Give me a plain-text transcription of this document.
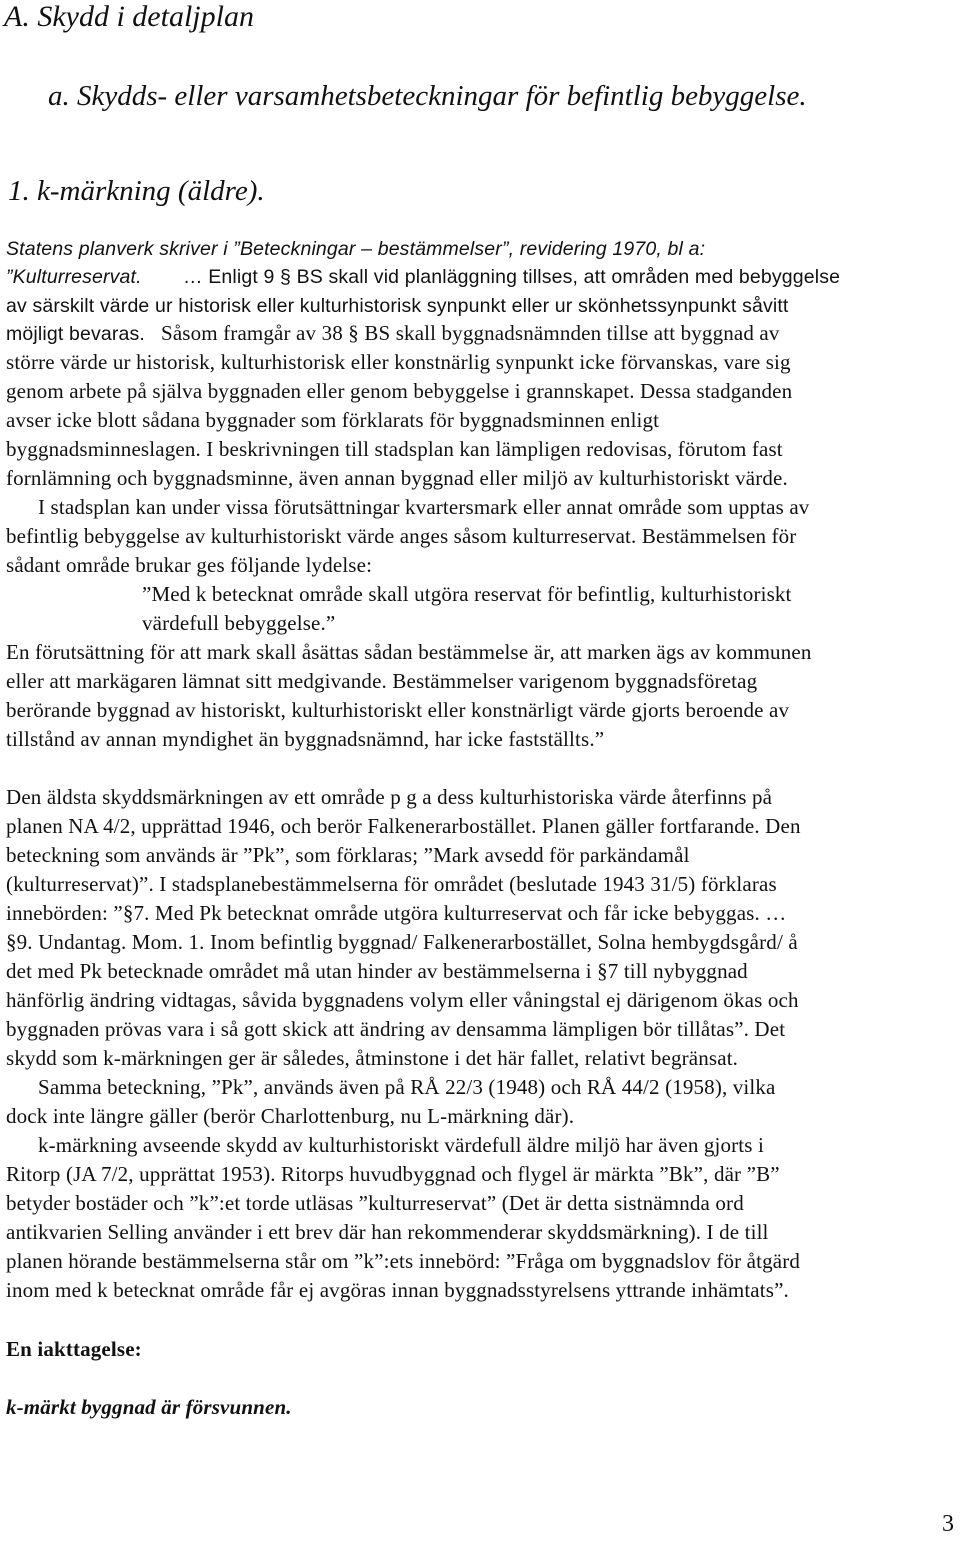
A. Skydd i detaljplan
a. Skydds- eller varsamhetsbeteckningar för befintlig bebyggelse.
1. k-märkning (äldre).
Statens planverk skriver i ”Beteckningar – bestämmelser”, revidering 1970, bl a:
”Kulturreservat. … Enligt 9 § BS skall vid planläggning tillses, att områden med bebyggelse
av särskilt värde ur historisk eller kulturhistorisk synpunkt eller ur skönhetssynpunkt såvitt
möjligt bevaras. Såsom framgår av 38 § BS skall byggnadsnämnden tillse att byggnad av
större värde ur historisk, kulturhistorisk eller konstnärlig synpunkt icke förvanskas, vare sig
genom arbete på själva byggnaden eller genom bebyggelse i grannskapet. Dessa stadganden
avser icke blott sådana byggnader som förklarats för byggnadsminnen enligt
byggnadsminneslagen. I beskrivningen till stadsplan kan lämpligen redovisas, förutom fast
fornlämning och byggnadsminne, även annan byggnad eller miljö av kulturhistoriskt värde.
I stadsplan kan under vissa förutsättningar kvartersmark eller annat område som upptas av
befintlig bebyggelse av kulturhistoriskt värde anges såsom kulturreservat. Bestämmelsen för
sådant område brukar ges följande lydelse:
”Med k betecknat område skall utgöra reservat för befintlig, kulturhistoriskt
värdefull bebyggelse.”
En förutsättning för att mark skall åsättas sådan bestämmelse är, att marken ägs av kommunen
eller att markägaren lämnat sitt medgivande. Bestämmelser varigenom byggnadsföretag
berörande byggnad av historiskt, kulturhistoriskt eller konstnärligt värde gjorts beroende av
tillstånd av annan myndighet än byggnadsnämnd, har icke fastställts.”
Den äldsta skyddsmärkningen av ett område p g a dess kulturhistoriska värde återfinns på
planen NA 4/2, upprättad 1946, och berör Falkenerarbostället. Planen gäller fortfarande. Den
beteckning som används är ”Pk”, som förklaras; ”Mark avsedd för parkändamål
(kulturreservat)”. I stadsplanebestämmelserna för området (beslutade 1943 31/5) förklaras
innebörden: ”§7. Med Pk betecknat område utgöra kulturreservat och får icke bebyggas. …
§9. Undantag. Mom. 1. Inom befintlig byggnad/ Falkenerarbostället, Solna hembygdsgård/ å
det med Pk betecknade området må utan hinder av bestämmelserna i §7 till nybyggnad
hänförlig ändring vidtagas, såvida byggnadens volym eller våningstal ej därigenom ökas och
byggnaden prövas vara i så gott skick att ändring av densamma lämpligen bör tillåtas”. Det
skydd som k-märkningen ger är således, åtminstone i det här fallet, relativt begränsat.
Samma beteckning, ”Pk”, används även på RÅ 22/3 (1948) och RÅ 44/2 (1958), vilka
dock inte längre gäller (berör Charlottenburg, nu L-märkning där).
k-märkning avseende skydd av kulturhistoriskt värdefull äldre miljö har även gjorts i
Ritorp (JA 7/2, upprättat 1953). Ritorps huvudbyggnad och flygel är märkta ”Bk”, där ”B”
betyder bostäder och ”k”:et torde utläsas ”kulturreservat” (Det är detta sistnämnda ord
antikvarien Selling använder i ett brev där han rekommenderar skyddsmärkning). I de till
planen hörande bestämmelserna står om ”k”:ets innebörd: ”Fråga om byggnadslov för åtgärd
inom med k betecknat område får ej avgöras innan byggnadsstyrelsens yttrande inhämtats”.
En iakttagelse:
k-märkt byggnad är försvunnen.
3
